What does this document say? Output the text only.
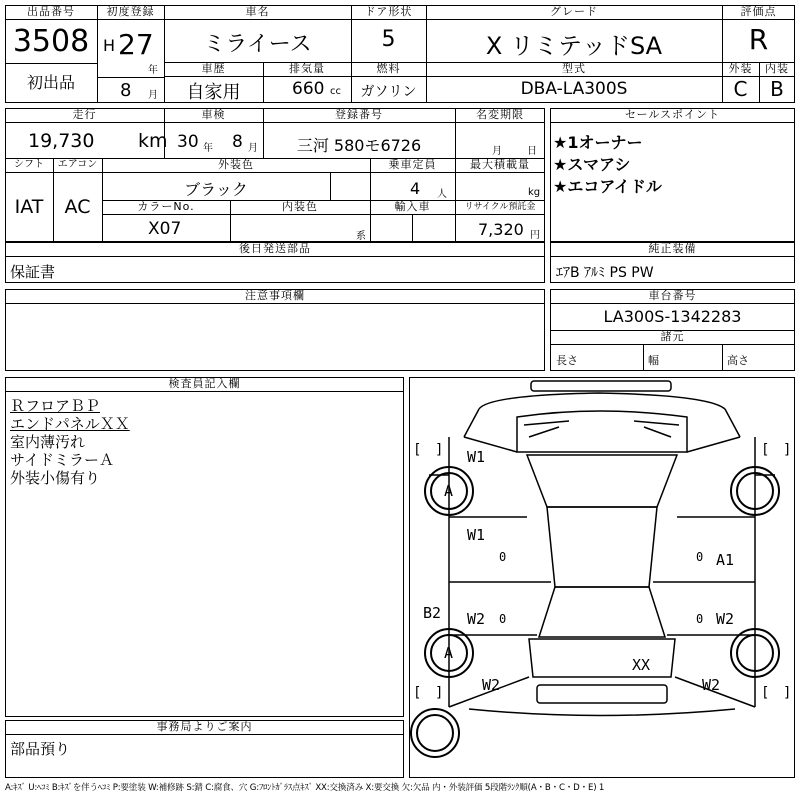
出品番号
3508
初出品
初度登録
H 27
年
8 月
車名
ミライース
ドア形状
5
グレード
X リミテッドSA
評価点
R
車歴
自家用
排気量
660 cc
燃料
ガソリン
型式
DBA-LA300S
外装	内装
C	B
走行
19,730 km
車検
30 年 8 月
登録番号
三河 580モ6726
名変期限
月	日
シフト
IAT
エアコン
AC
外装色
ブラック
乗車定員
4 人
最大積載量
kg
カラーNo.
X07
内装色
系
輸入車	リサイクル預託金
7,320 円
セールスポイント
★1オーナー
★スマアシ
★エコアイドル
後日発送部品
保証書
純正装備
ｴｱB ｱﾙﾐ PS PW
注意事項欄	車台番号
LA300S-1342283
諸元
長さ	幅	高さ
検査員記入欄
ＲフロアＢＰ
エンドパネルＸＸ
室内薄汚れ
サイドミラーＡ
外装小傷有り
事務局よりご案内
部品預り
[ ]	[ ]
[ ]	[ ]
W1
A
W1
0	0 A1
B2 W2 0	0 W2
A
XX
W2	W2
A:ｷｽﾞ U:ﾍｺﾐ B:ｷｽﾞを伴うﾍｺﾐ P:要塗装 W:補修跡 S:錆 C:腐食、穴 G:ﾌﾛﾝﾄｶﾞﾗｽ点ｷｽﾞ XX:交換済み X:要交換 欠:欠品 内・外装評価 5段階ﾗﾝｸ順(A・B・C・D・E) 1
